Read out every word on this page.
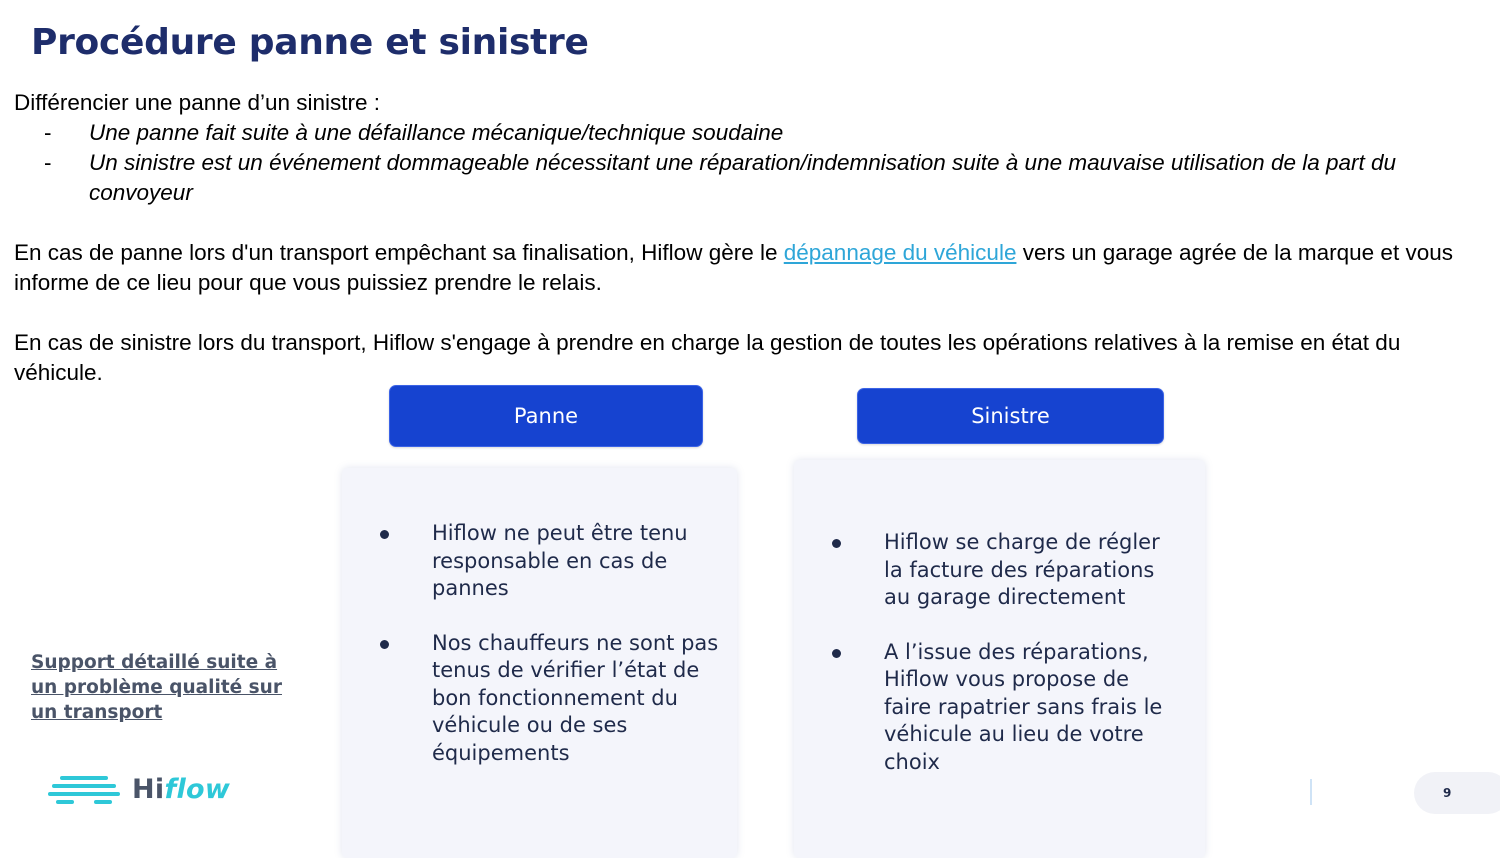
Procédure panne et sinistre

Différencier une panne d’un sinistre :

- Une panne fait suite à une défaillance mécanique/technique soudaine
- Un sinistre est un événement dommageable nécessitant une réparation/indemnisation suite à une mauvaise utilisation de la part du convoyeur

En cas de panne lors d'un transport empêchant sa finalisation, Hiflow gère le dépannage du véhicule vers un garage agrée de la marque et vous informe de ce lieu pour que vous puissiez prendre le relais.

En cas de sinistre lors du transport, Hiflow s'engage à prendre en charge la gestion de toutes les opérations relatives à la remise en état du véhicule.

Panne	Sinistre
Hiflow ne peut être tenu responsable en cas de pannes
Nos chauffeurs ne sont pas tenus de vérifier l’état de bon fonctionnement du véhicule ou de ses équipements
Hiflow se charge de régler la facture des réparations au garage directement
A l’issue des réparations, Hiflow vous propose de faire rapatrier sans frais le véhicule au lieu de votre choix
Support détaillé suite à un problème qualité sur un transport
Hiflow	9
